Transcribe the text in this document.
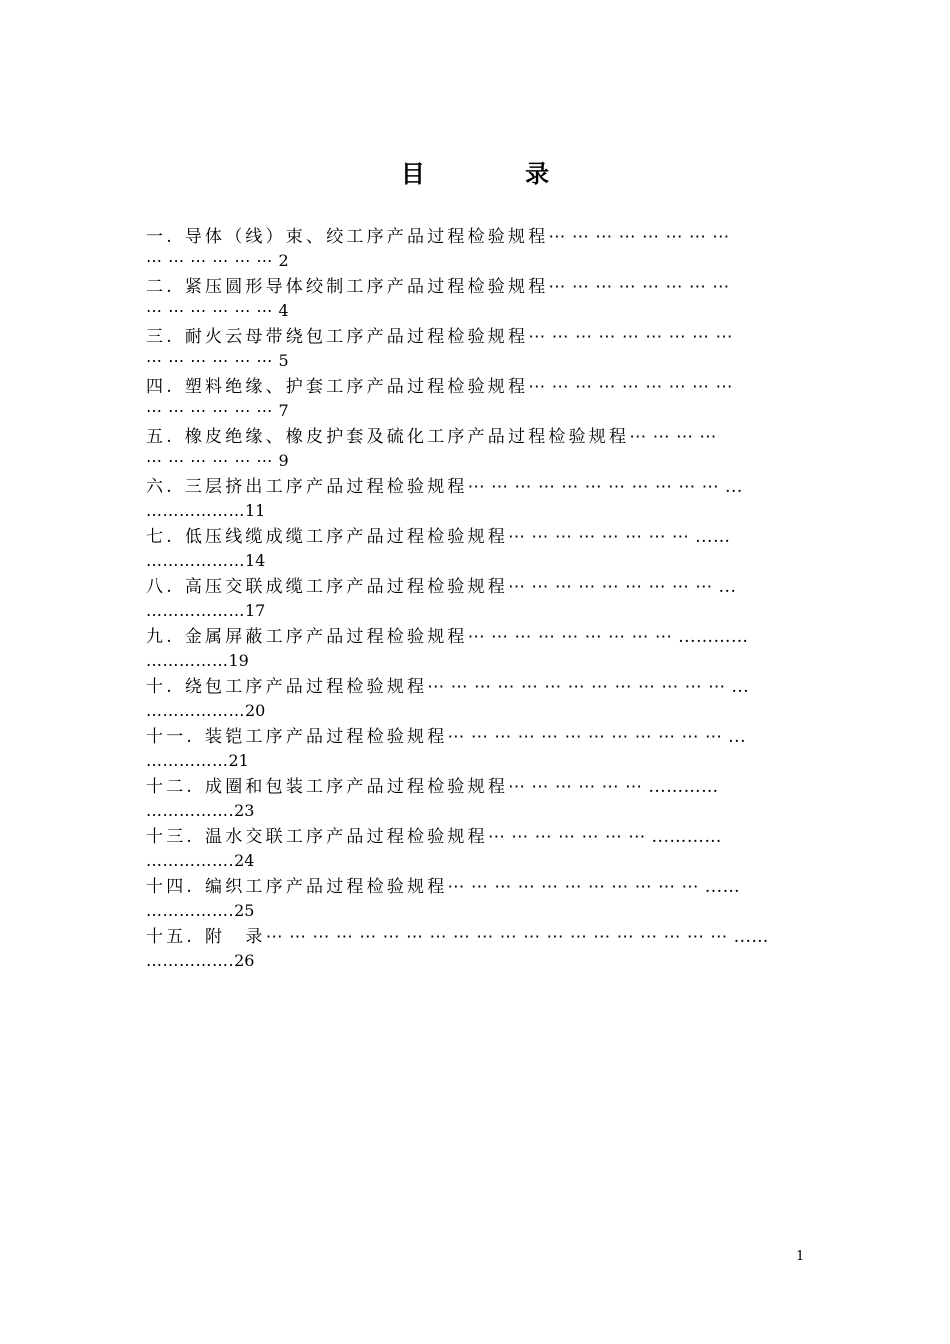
目 录
一. 导体（线）束、绞工序产品过程检验规程⋯ ⋯ ⋯ ⋯ ⋯ ⋯ ⋯ ⋯
⋯ ⋯ ⋯ ⋯ ⋯ ⋯ 2
二. 紧压圆形导体绞制工序产品过程检验规程⋯ ⋯ ⋯ ⋯ ⋯ ⋯ ⋯ ⋯
⋯ ⋯ ⋯ ⋯ ⋯ ⋯ 4
三. 耐火云母带绕包工序产品过程检验规程⋯ ⋯ ⋯ ⋯ ⋯ ⋯ ⋯ ⋯ ⋯
⋯ ⋯ ⋯ ⋯ ⋯ ⋯ 5
四. 塑料绝缘、护套工序产品过程检验规程⋯ ⋯ ⋯ ⋯ ⋯ ⋯ ⋯ ⋯ ⋯
⋯ ⋯ ⋯ ⋯ ⋯ ⋯ 7
五. 橡皮绝缘、橡皮护套及硫化工序产品过程检验规程⋯ ⋯ ⋯ ⋯
⋯ ⋯ ⋯ ⋯ ⋯ ⋯ 9
六. 三层挤出工序产品过程检验规程⋯ ⋯ ⋯ ⋯ ⋯ ⋯ ⋯ ⋯ ⋯ ⋯ ⋯ ...
………………11
七. 低压线缆成缆工序产品过程检验规程⋯ ⋯ ⋯ ⋯ ⋯ ⋯ ⋯ ⋯ ...…
………………14
八. 高压交联成缆工序产品过程检验规程⋯ ⋯ ⋯ ⋯ ⋯ ⋯ ⋯ ⋯ ⋯ ...
………………17
九. 金属屏蔽工序产品过程检验规程⋯ ⋯ ⋯ ⋯ ⋯ ⋯ ⋯ ⋯ ⋯ ...………
……………19
十. 绕包工序产品过程检验规程⋯ ⋯ ⋯ ⋯ ⋯ ⋯ ⋯ ⋯ ⋯ ⋯ ⋯ ⋯ ⋯ ...
………………20
十一. 装铠工序产品过程检验规程⋯ ⋯ ⋯ ⋯ ⋯ ⋯ ⋯ ⋯ ⋯ ⋯ ⋯ ⋯ ...
……………21
十二. 成圈和包装工序产品过程检验规程⋯ ⋯ ⋯ ⋯ ⋯ ⋯ ...………
…………….23
十三. 温水交联工序产品过程检验规程⋯ ⋯ ⋯ ⋯ ⋯ ⋯ ⋯ ...………
…………….24
十四. 编织工序产品过程检验规程⋯ ⋯ ⋯ ⋯ ⋯ ⋯ ⋯ ⋯ ⋯ ⋯ ⋯ ...…
…………….25
十五. 附　录⋯ ⋯ ⋯ ⋯ ⋯ ⋯ ⋯ ⋯ ⋯ ⋯ ⋯ ⋯ ⋯ ⋯ ⋯ ⋯ ⋯ ⋯ ⋯ ⋯ ...…
…………….26
1
